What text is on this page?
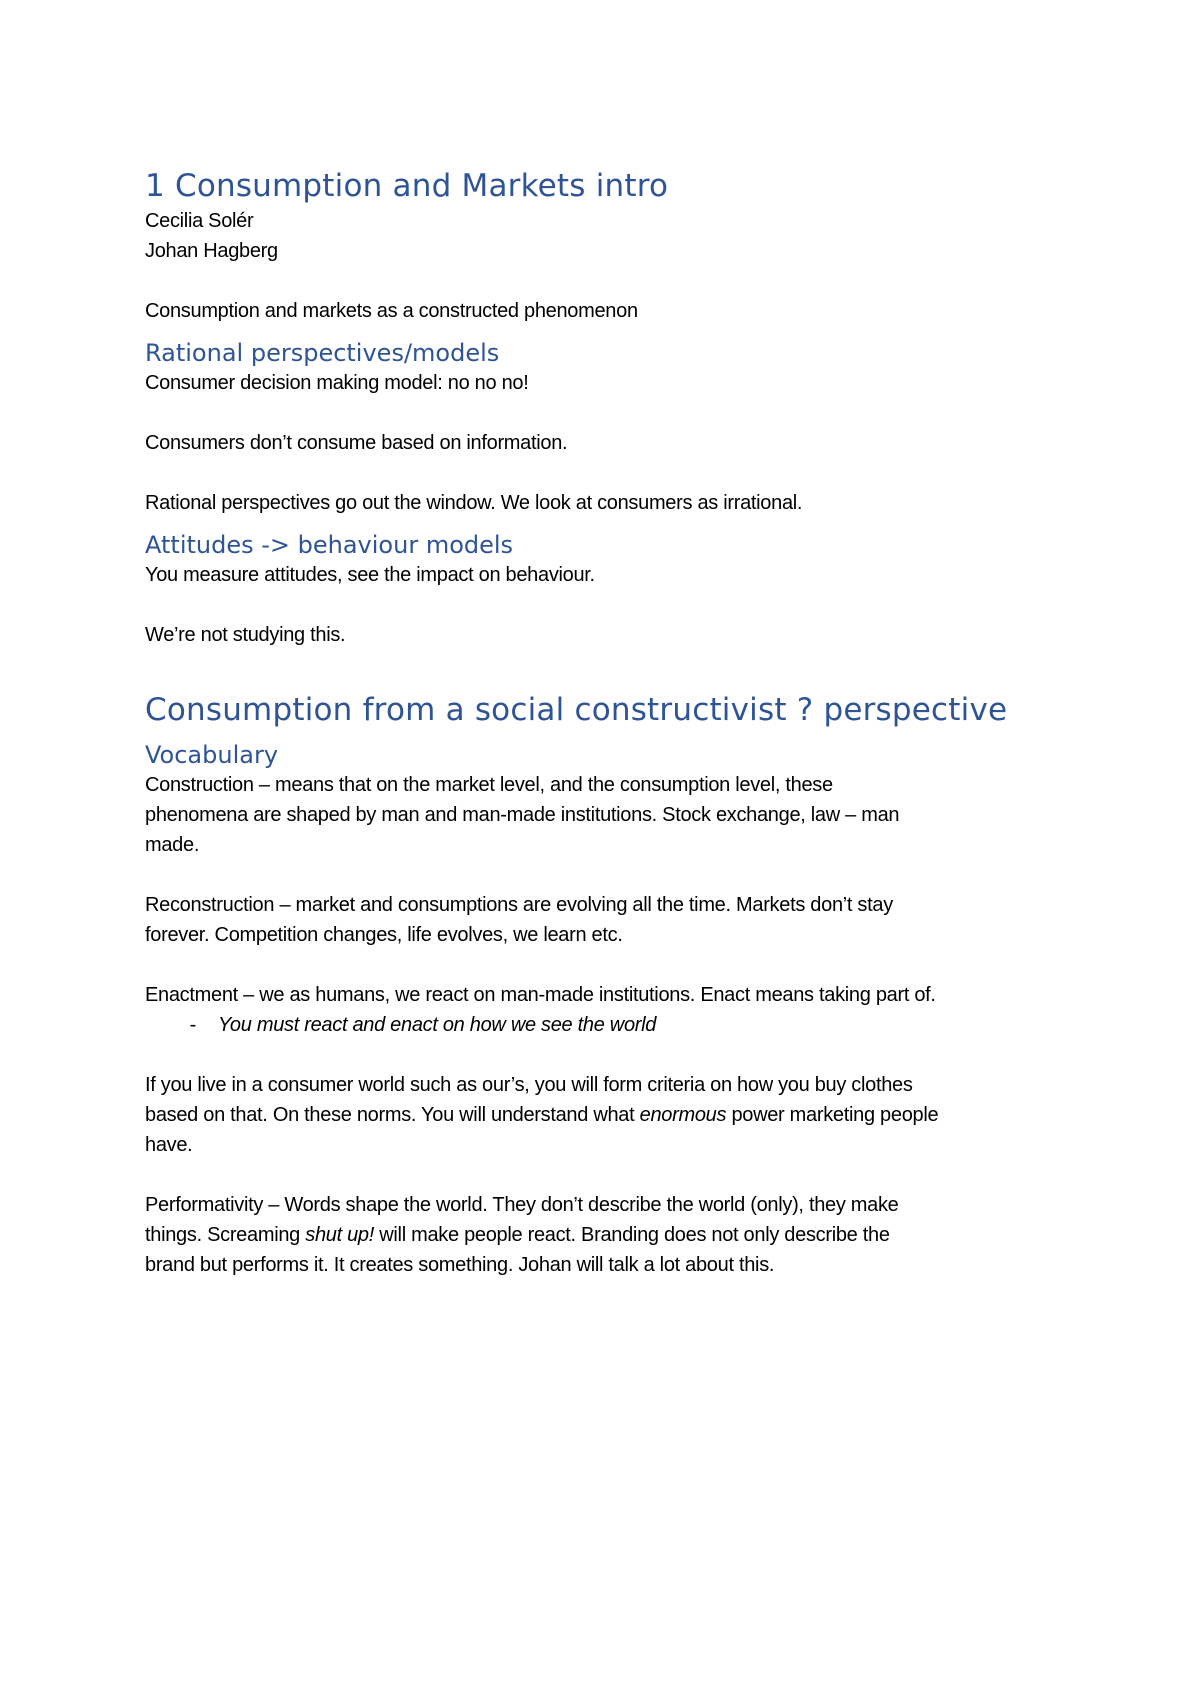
1 Consumption and Markets intro

Cecilia Solér

Johan Hagberg

Consumption and markets as a constructed phenomenon

Rational perspectives/models

Consumer decision making model: no no no!

Consumers don’t consume based on information.

Rational perspectives go out the window. We look at consumers as irrational.

Attitudes -> behaviour models

You measure attitudes, see the impact on behaviour.

We’re not studying this.

Consumption from a social constructivist ? perspective
Vocabulary

Construction – means that on the market level, and the consumption level, these

phenomena are shaped by man and man-made institutions. Stock exchange, law – man

made.

Reconstruction – market and consumptions are evolving all the time. Markets don’t stay

forever. Competition changes, life evolves, we learn etc.

Enactment – we as humans, we react on man-made institutions. Enact means taking part of.

-	You must react and enact on how we see the world

If you live in a consumer world such as our’s, you will form criteria on how you buy clothes

based on that. On these norms. You will understand what enormous power marketing people

have.

Performativity – Words shape the world. They don’t describe the world (only), they make

things. Screaming shut up! will make people react. Branding does not only describe the

brand but performs it. It creates something. Johan will talk a lot about this.
